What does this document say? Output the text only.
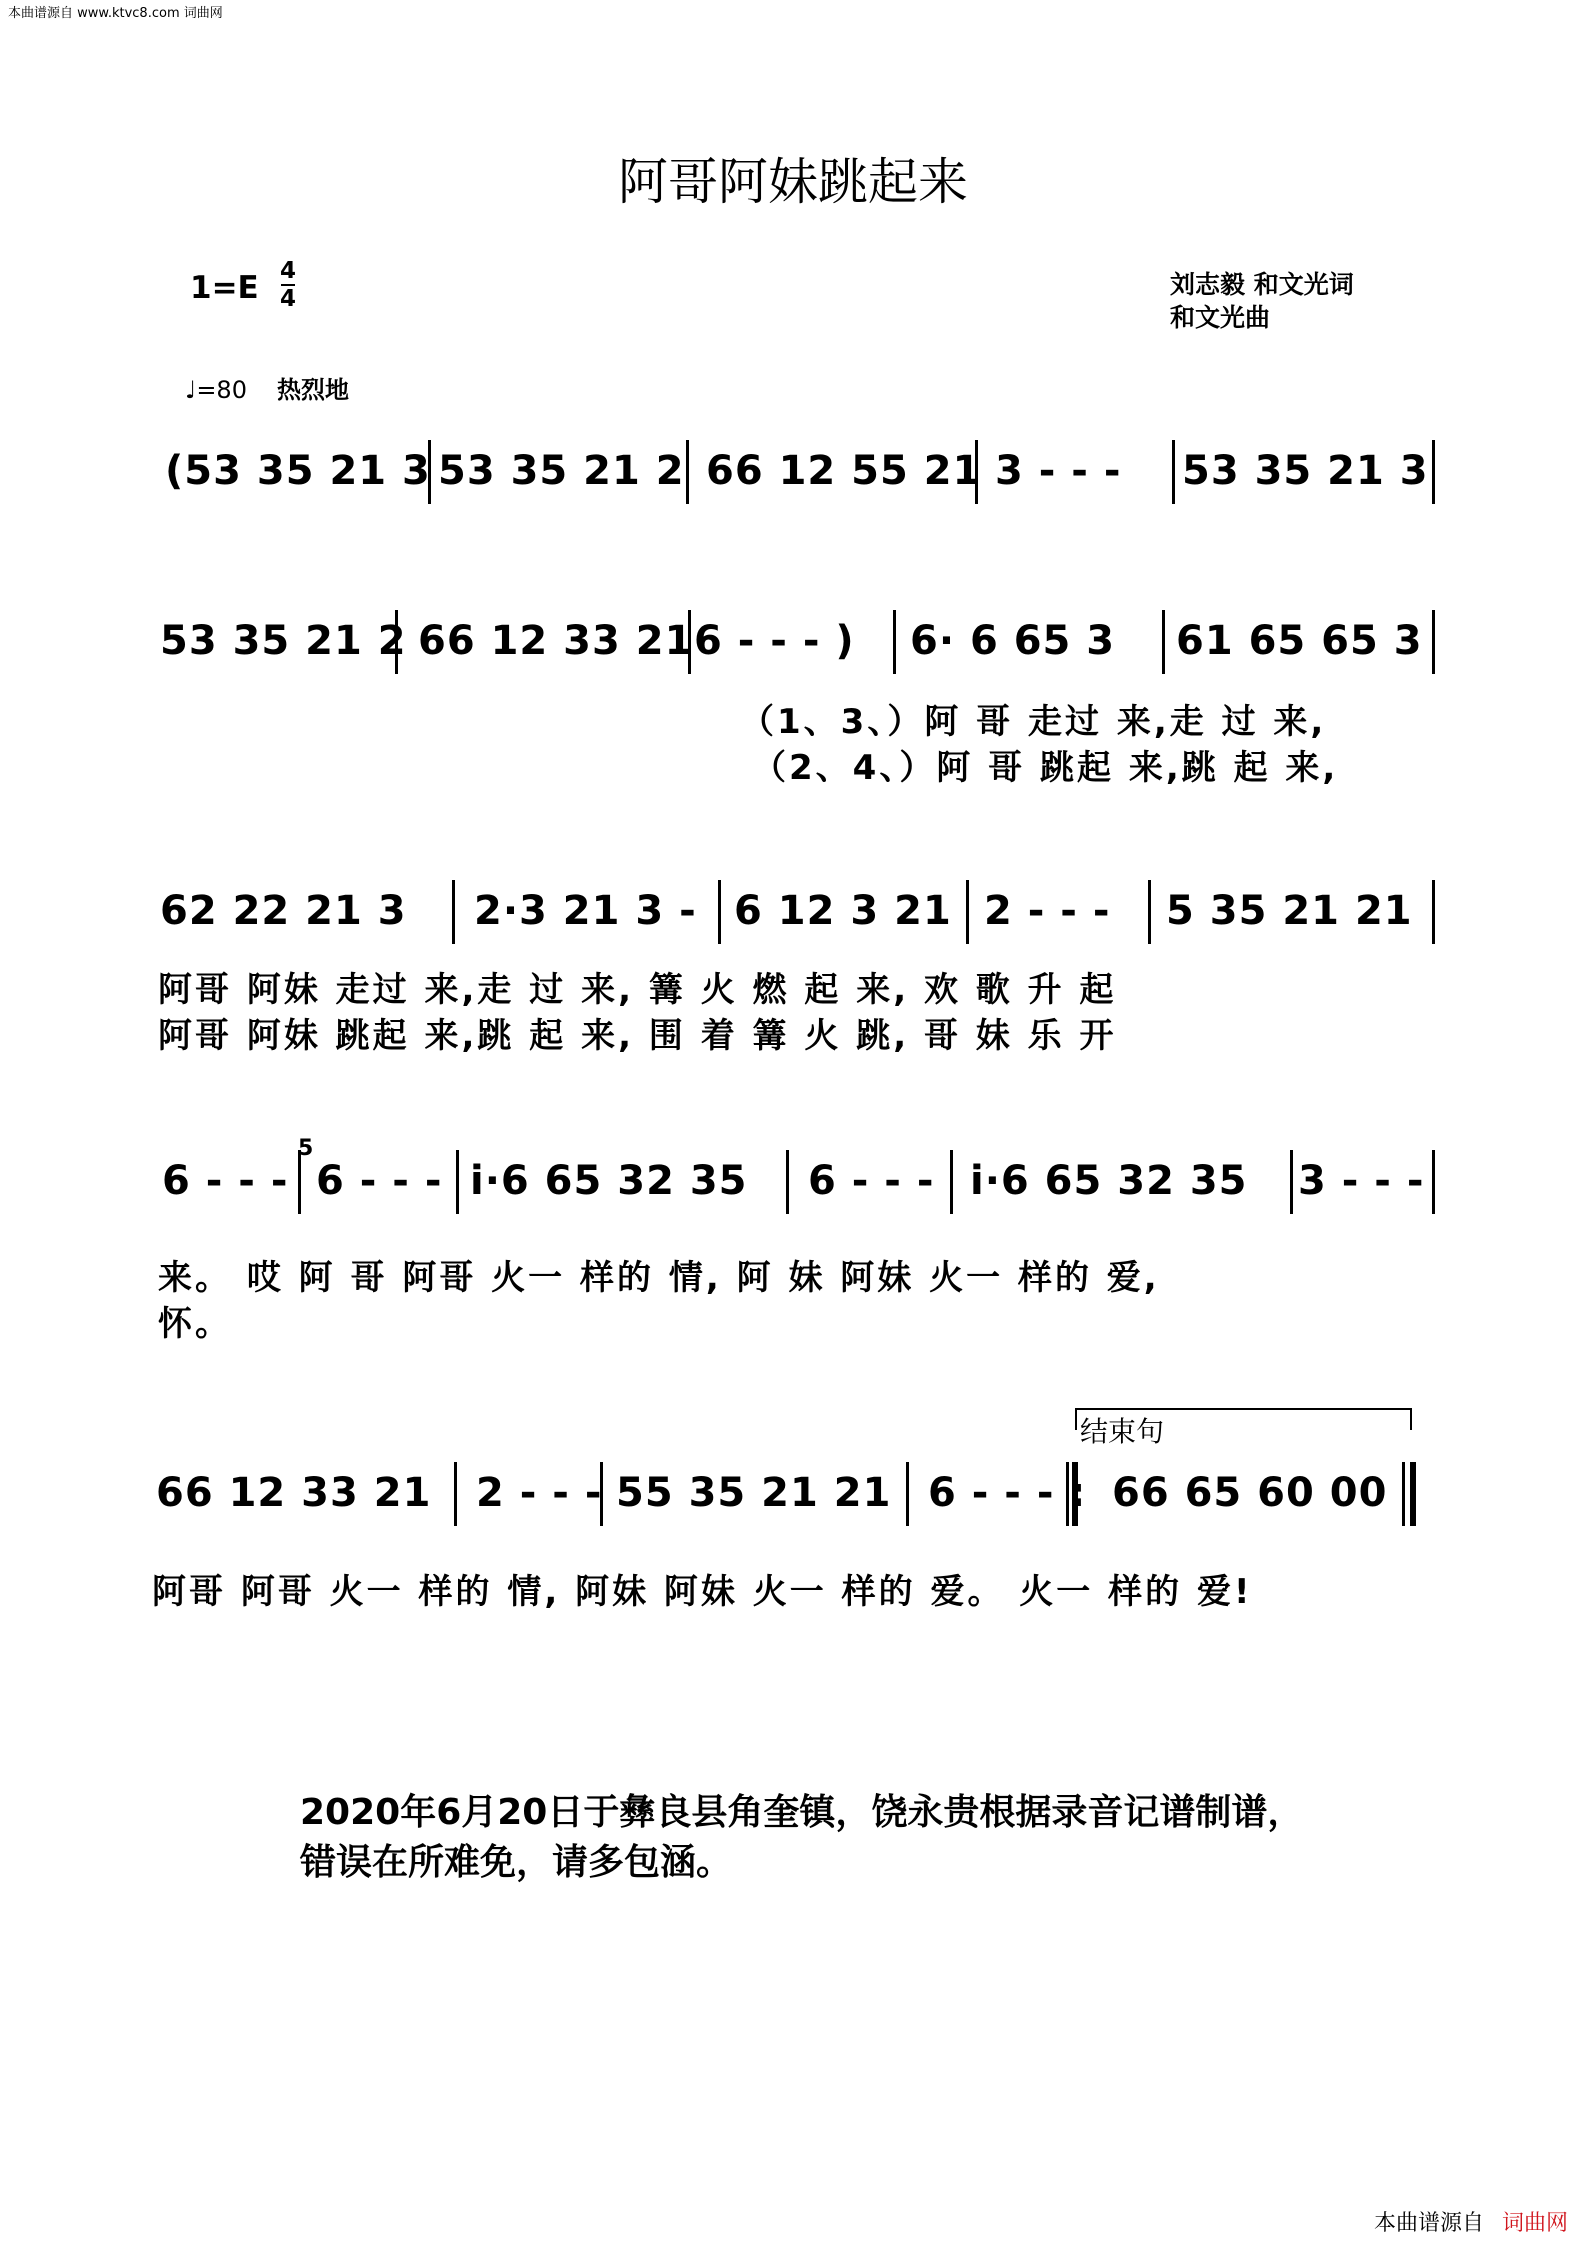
本曲谱源自 www.ktvc8.com 词曲网
阿哥阿妹跳起来
1=E 4
4	刘志毅 和文光词
和文光曲
♩=80 热烈地
(53 35 21 3 53 35 21 2 66 12 55 21 3 - - - 53 35 21 3
53 35 21 2 66 12 33 21 6 - - - ) 6· 6 65 3 61 65 65 3
（1、3、）阿 哥 走过 来,走 过 来,
（2、4、）阿 哥 跳起 来,跳 起 来,
62 22 21 3 2·3 21 3 - 6 12 3 21 2 - - - 5 35 21 21
阿哥 阿妹 走过 来,走 过 来, 篝 火 燃 起 来, 欢 歌 升 起
阿哥 阿妹 跳起 来,跳 起 来, 围 着 篝 火 跳, 哥 妹 乐 开
6 - - -
5
6 - - - i·6 65 32 35 6 - - - i·6 65 32 35 3 - - -
来。 哎 阿 哥 阿哥 火一 样的 情, 阿 妹 阿妹 火一 样的 爱,
怀。
结束句
66 12 33 21 2 - - - 55 35 21 21 6 - - - : 66 65 60 00
阿哥 阿哥 火一 样的 情, 阿妹 阿妹 火一 样的 爱。 火一 样的 爱!
2020年6月20日于彝良县角奎镇，饶永贵根据录音记谱制谱，
错误在所难免，请多包涵。
本曲谱源自 词曲网
